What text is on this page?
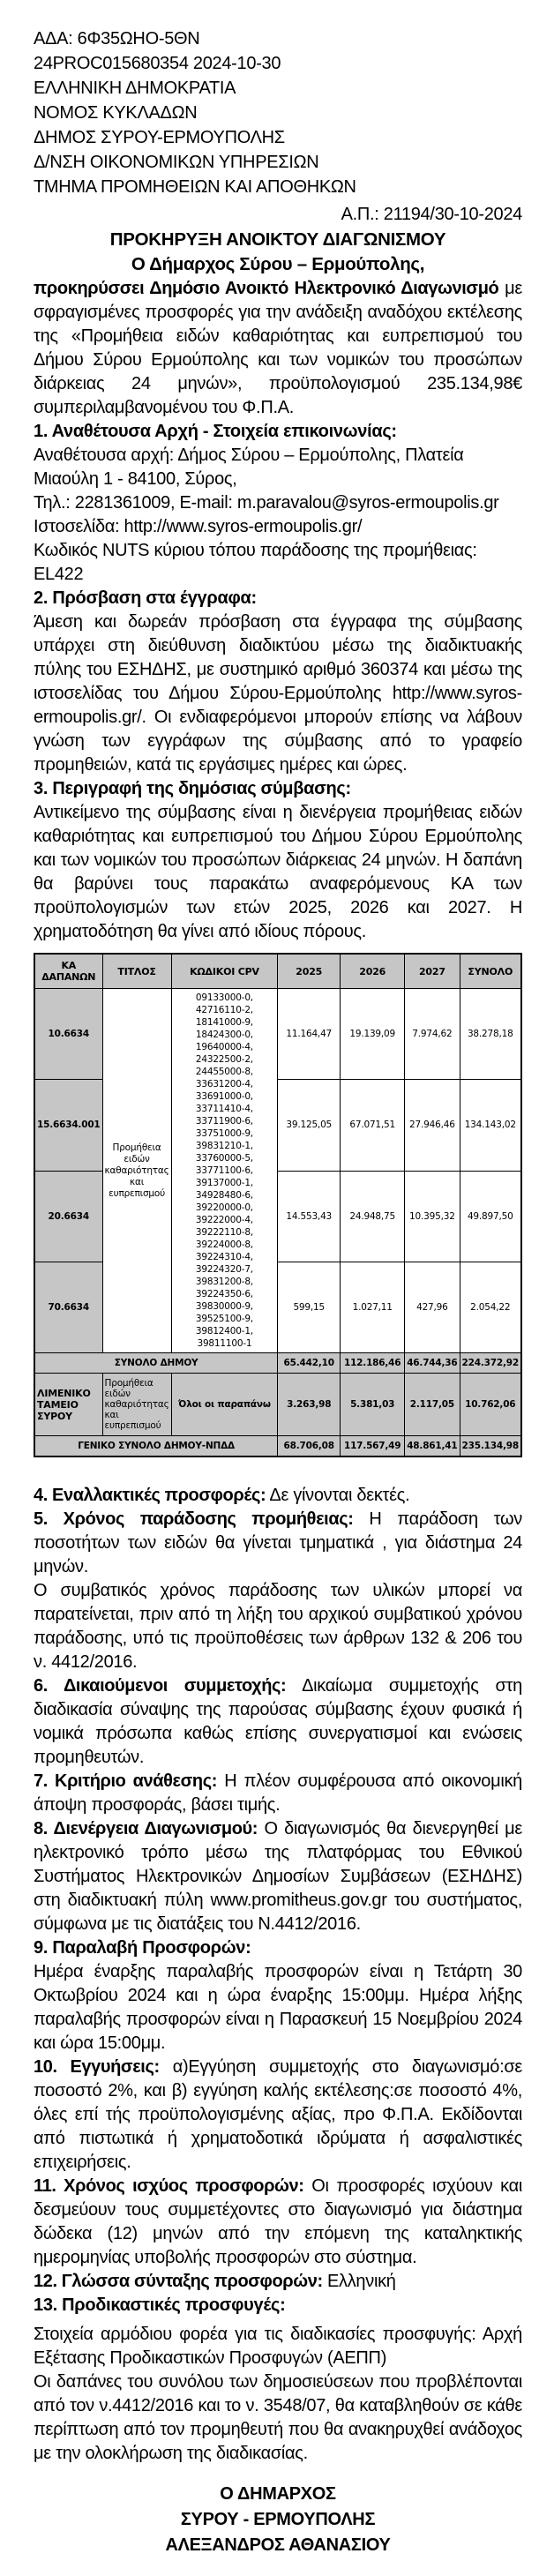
ΑΔΑ: 6Φ35ΩΗΟ-5ΘΝ

24PROC015680354 2024-10-30

ΕΛΛΗΝΙΚΗ ΔΗΜΟΚΡΑΤΙΑ

ΝΟΜΟΣ ΚΥΚΛΑΔΩΝ

ΔΗΜΟΣ ΣΥΡΟΥ-ΕΡΜΟΥΠΟΛΗΣ

Δ/ΝΣΗ ΟΙΚΟΝΟΜΙΚΩΝ ΥΠΗΡΕΣΙΩΝ

ΤΜΗΜΑ ΠΡΟΜΗΘΕΙΩΝ ΚΑΙ ΑΠΟΘΗΚΩΝ

Α.Π.: 21194/30-10-2024

ΠΡΟΚΗΡΥΞΗ ΑΝΟΙΚΤΟΥ ΔΙΑΓΩΝΙΣΜΟΥ

Ο Δήμαρχος Σύρου – Ερμούπολης,

προκηρύσσει Δημόσιο Ανοικτό Ηλεκτρονικό Διαγωνισμό με σφραγισμένες προσφορές για την ανάδειξη αναδόχου εκτέλεσης της «Προμήθεια ειδών καθαριότητας και ευπρεπισμού του Δήμου Σύρου Ερμούπολης και των νομικών του προσώπων διάρκειας 24 μηνών», προϋπολογισμού 235.134,98€ συμπεριλαμβανομένου του Φ.Π.Α.

1. Αναθέτουσα Αρχή - Στοιχεία επικοινωνίας:

Αναθέτουσα αρχή: Δήμος Σύρου – Ερμούπολης, Πλατεία Μιαούλη 1 - 84100, Σύρος,

Τηλ.: 2281361009, E-mail: m.paravalou@syros-ermoupolis.gr

Ιστοσελίδα: http://www.syros-ermoupolis.gr/

Κωδικός NUTS κύριου τόπου παράδοσης της προμήθειας: EL422

2. Πρόσβαση στα έγγραφα:

Άμεση και δωρεάν πρόσβαση στα έγγραφα της σύμβασης υπάρχει στη διεύθυνση διαδικτύου μέσω της διαδικτυακής πύλης του ΕΣΗΔΗΣ, με συστημικό αριθμό 360374 και μέσω της ιστοσελίδας του Δήμου Σύρου-Ερμούπολης http://www.syros-ermoupolis.gr/. Οι ενδιαφερόμενοι μπορούν επίσης να λάβουν γνώση των εγγράφων της σύμβασης από το γραφείο προμηθειών, κατά τις εργάσιμες ημέρες και ώρες.

3. Περιγραφή της δημόσιας σύμβασης:

Αντικείμενο της σύμβασης είναι η διενέργεια προμήθειας ειδών καθαριότητας και ευπρεπισμού του Δήμου Σύρου Ερμούπολης και των νομικών του προσώπων διάρκειας 24 μηνών. Η δαπάνη θα βαρύνει τους παρακάτω αναφερόμενους ΚΑ των προϋπολογισμών των ετών 2025, 2026 και 2027. Η χρηματοδότηση θα γίνει από ιδίους πόρους.

ΚΑ ΔΑΠΑΝΩΝ	ΤΙΤΛΟΣ	ΚΩΔΙΚΟΙ CPV	2025	2026	2027	ΣΥΝΟΛΟ
10.6634	Προμήθεια ειδών καθαριότητας και ευπρεπισμού	09133000-0, 42716110-2, 18141000-9, 18424300-0, 19640000-4, 24322500-2, 24455000-8, 33631200-4, 33691000-0, 33711410-4, 33711900-6, 33751000-9, 39831210-1, 33760000-5, 33771100-6, 39137000-1, 34928480-6, 39220000-0, 39222000-4, 39222110-8, 39224000-8, 39224310-4, 39224320-7, 39831200-8, 39224350-6, 39830000-9, 39525100-9, 39812400-1, 39811100-1	11.164,47	19.139,09	7.974,62	38.278,18
15.6634.001			39.125,05	67.071,51	27.946,46	134.143,02
20.6634			14.553,43	24.948,75	10.395,32	49.897,50
70.6634			599,15	1.027,11	427,96	2.054,22
ΣΥΝΟΛΟ ΔΗΜΟΥ			65.442,10	112.186,46	46.744,36	224.372,92
ΛΙΜΕΝΙΚΟ ΤΑΜΕΙΟ ΣΥΡΟΥ	Προμήθεια ειδών καθαριότητας και ευπρεπισμού	Όλοι οι παραπάνω	3.263,98	5.381,03	2.117,05	10.762,06
ΓΕΝΙΚΟ ΣΥΝΟΛΟ ΔΗΜΟΥ-ΝΠΔΔ			68.706,08	117.567,49	48.861,41	235.134,98

4. Εναλλακτικές προσφορές: Δε γίνονται δεκτές.

5. Χρόνος παράδοσης προμήθειας: Η παράδοση των ποσοτήτων των ειδών θα γίνεται τμηματικά , για διάστημα 24 μηνών.

Ο συμβατικός χρόνος παράδοσης των υλικών μπορεί να παρατείνεται, πριν από τη λήξη του αρχικού συμβατικού χρόνου παράδοσης, υπό τις προϋποθέσεις των άρθρων 132 & 206 του ν. 4412/2016.

6. Δικαιούμενοι συμμετοχής: Δικαίωμα συμμετοχής στη διαδικασία σύναψης της παρούσας σύμβασης έχουν φυσικά ή νομικά πρόσωπα καθώς επίσης συνεργατισμοί και ενώσεις προμηθευτών.

7. Κριτήριο ανάθεσης: Η πλέον συμφέρουσα από οικονομική άποψη προσφοράς, βάσει τιμής.

8. Διενέργεια Διαγωνισμού: Ο διαγωνισμός θα διενεργηθεί με ηλεκτρονικό τρόπο μέσω της πλατφόρμας του Εθνικού Συστήματος Ηλεκτρονικών Δημοσίων Συμβάσεων (ΕΣΗΔΗΣ) στη διαδικτυακή πύλη www.promitheus.gov.gr του συστήματος, σύμφωνα με τις διατάξεις του Ν.4412/2016.

9. Παραλαβή Προσφορών:

Ημέρα έναρξης παραλαβής προσφορών είναι η Τετάρτη 30 Οκτωβρίου 2024 και η ώρα έναρξης 15:00μμ. Ημέρα λήξης παραλαβής προσφορών είναι η Παρασκευή 15 Νοεμβρίου 2024 και ώρα 15:00μμ.

10. Εγγυήσεις: α)Εγγύηση συμμετοχής στο διαγωνισμό:σε ποσοστό 2%, και β) εγγύηση καλής εκτέλεσης:σε ποσοστό 4%, όλες επί τής προϋπολογισμένης αξίας, προ Φ.Π.Α. Εκδίδονται από πιστωτικά ή χρηματοδοτικά ιδρύματα ή ασφαλιστικές επιχειρήσεις.

11. Χρόνος ισχύος προσφορών: Οι προσφορές ισχύουν και δεσμεύουν τους συμμετέχοντες στο διαγωνισμό για διάστημα δώδεκα (12) μηνών από την επόμενη της καταληκτικής ημερομηνίας υποβολής προσφορών στο σύστημα.

12. Γλώσσα σύνταξης προσφορών: Ελληνική

13. Προδικαστικές προσφυγές:

Στοιχεία αρμόδιου φορέα για τις διαδικασίες προσφυγής: Αρχή Εξέτασης Προδικαστικών Προσφυγών (ΑΕΠΠ)

Οι δαπάνες του συνόλου των δημοσιεύσεων που προβλέπονται από τον ν.4412/2016 και το ν. 3548/07, θα καταβληθούν σε κάθε περίπτωση από τον προμηθευτή που θα ανακηρυχθεί ανάδοχος με την ολοκλήρωση της διαδικασίας.

Ο ΔΗΜΑΡΧΟΣ

ΣΥΡΟΥ - ΕΡΜΟΥΠΟΛΗΣ

ΑΛΕΞΑΝΔΡΟΣ ΑΘΑΝΑΣΙΟΥ
